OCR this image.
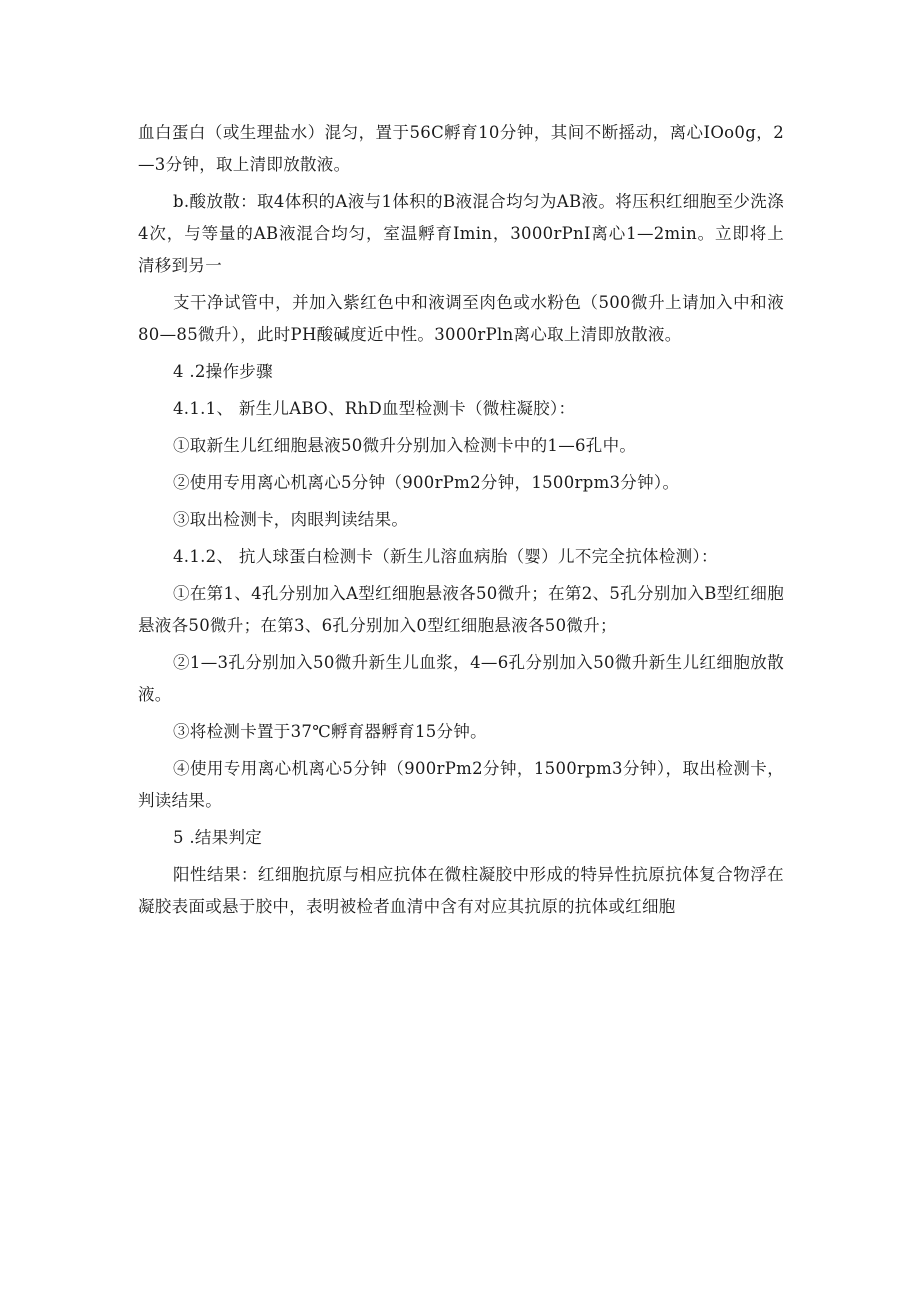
血白蛋白（或生理盐水）混匀，置于56C孵育10分钟，其间不断摇动，离心IOo0g，2—3分钟，取上清即放散液。

b.酸放散：取4体积的A液与1体积的B液混合均匀为AB液。将压积红细胞至少洗涤4次，与等量的AB液混合均匀，室温孵育Imin，3000rPnI离心1—2min。立即将上清移到另一

支干净试管中，并加入紫红色中和液调至肉色或水粉色（500微升上请加入中和液80—85微升），此时PH酸碱度近中性。3000rPln离心取上清即放散液。

4 .2操作步骤

4.1.1、 新生儿ABO、RhD血型检测卡（微柱凝胶）：

①取新生儿红细胞悬液50微升分别加入检测卡中的1—6孔中。

②使用专用离心机离心5分钟（900rPm2分钟，1500rpm3分钟）。

③取出检测卡，肉眼判读结果。

4.1.2、 抗人球蛋白检测卡（新生儿溶血病胎（婴）儿不完全抗体检测）：

①在第1、4孔分别加入A型红细胞悬液各50微升；在第2、5孔分别加入B型红细胞悬液各50微升；在第3、6孔分别加入0型红细胞悬液各50微升；

②1—3孔分别加入50微升新生儿血浆，4—6孔分别加入50微升新生儿红细胞放散液。

③将检测卡置于37℃孵育器孵育15分钟。

④使用专用离心机离心5分钟（900rPm2分钟，1500rpm3分钟），取出检测卡，判读结果。

5 .结果判定

阳性结果：红细胞抗原与相应抗体在微柱凝胶中形成的特异性抗原抗体复合物浮在凝胶表面或悬于胶中，表明被检者血清中含有对应其抗原的抗体或红细胞
